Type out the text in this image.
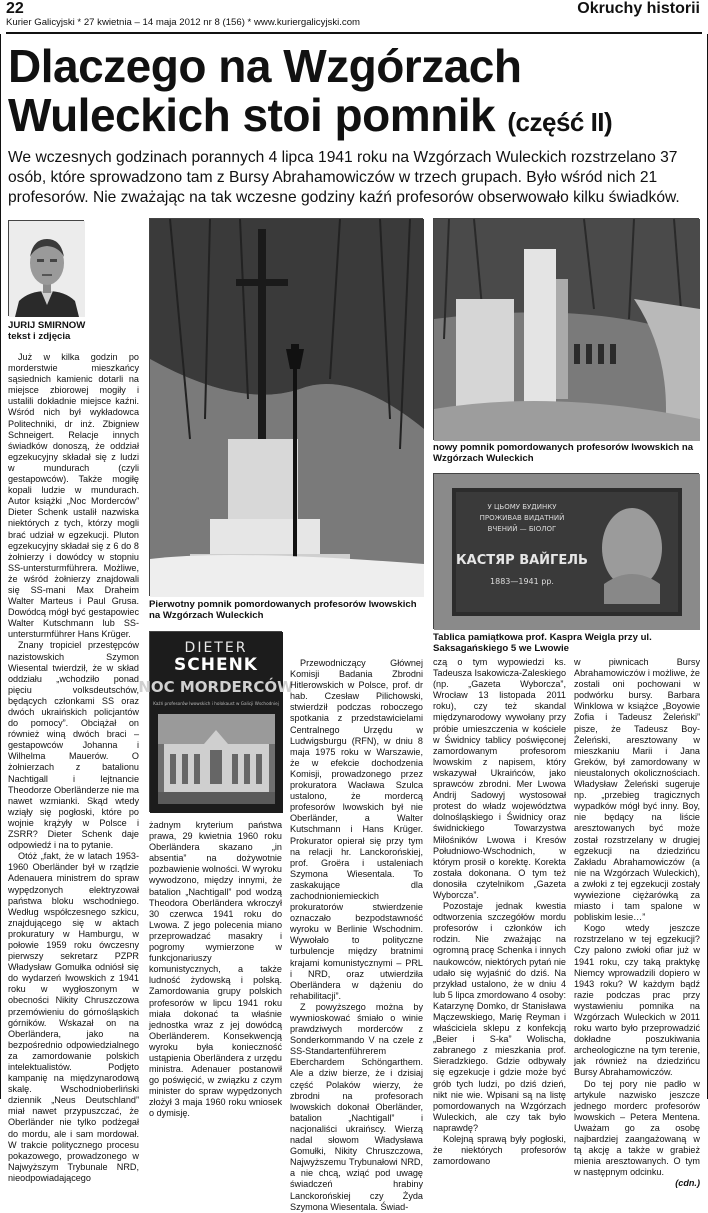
22	Okruchy historii
Kurier Galicyjski * 27 kwietnia – 14 maja 2012 nr 8 (156) * www.kuriergalicyjski.com
Dlaczego na Wzgórzach Wuleckich stoi pomnik (część II)
We wczesnych godzinach porannych 4 lipca 1941 roku na Wzgórzach Wuleckich rozstrzelano 37 osób, które sprowadzono tam z Bursy Abrahamowiczów w trzech grupach. Było wśród nich 21 profesorów. Nie zważając na tak wczesne godziny kaźń profesorów obserwowało kilku świadków.
JURIJ SMIRNOW
tekst i zdjęcia
Pierwotny pomnik pomordowanych profesorów lwowskich na Wzgórzach Wuleckich
nowy pomnik pomordowanych profesorów lwowskich na Wzgórzach Wuleckich
У ЦЬОМУ БУДИНКУ
ПРОЖИВАВ ВИДАТНИЙ
ВЧЕНИЙ — БІОЛОГ
КАСТЯР ВАЙГЕЛЬ
1883—1941 рр.
Tablica pamiątkowa prof. Kaspra Weigla przy ul. Saksagańskiego 5 we Lwowie
DIETER
SCHENK
NOC MORDERCÓW
Kaźń profesorów lwowskich i holokaust w Galicji Wschodniej

Już w kilka godzin po morderstwie mieszkańcy sąsiednich kamienic dotarli na miejsce zbiorowej mogiły i ustalili dokładnie miejsce kaźni. Wśród nich był wykładowca Politechniki, dr inż. Zbigniew Schneigert. Relacje innych świadków donoszą, że oddział egzekucyjny składał się z ludzi w mundurach (czyli gestapowców). Także mogiłę kopali ludzie w mundurach. Autor książki „Noc Morderców” Dieter Schenk ustalił nazwiska niektórych z tych, którzy mogli brać udział w egzekucji. Pluton egzekucyjny składał się z 6 do 8 żołnierzy i dowódcy w stopniu SS-untersturmführera. Możliwe, że wśród żołnierzy znajdowali się SS-mani Max Draheim Walter Marteus i Paul Grusa. Dowódcą mógł być gestapowiec Walter Kutschmann lub SS-untersturmführer Hans Krüger.

Znany tropiciel przestępców nazistowskich Szymon Wiesental twierdził, że w skład oddziału „wchodziło ponad pięciu volksdeutschów, będących członkami SS oraz dwóch ukraińskich policjantów do pomocy”. Obciążał on również winą dwóch braci – gestapowców Johanna i Wilhelma Mauerów. O żołnierzach z batalionu Nachtigall i Iejtnancie Theodorze Oberländerze nie ma nawet wzmianki. Skąd wtedy wziąły się pogłoski, które po wojnie krążyły w Polsce i ZSRR? Dieter Schenk daje odpowiedź i na to pytanie.

Otóż „fakt, że w latach 1953-1960 Oberländer był w rządzie Adenauera ministrem do spraw wypędzonych elektryzował państwa bloku wschodniego. Według współczesnego szkicu, znajdującego się w aktach prokuratury w Hamburgu, w połowie 1959 roku ówczesny pierwszy sekretarz PZPR Władysław Gomułka odniósł się do wydarzeń lwowskich z 1941 roku w wygłoszonym w obecności Nikity Chruszczowa przemówieniu do górnośląskich górników. Wskazał on na Oberländera, jako na bezpośrednio odpowiedzialnego za zamordowanie polskich intelektualistów. Podjęto kampanię na międzynarodową skalę. Wschodnioberliński dziennik „Neus Deutschland” miał nawet przypuszczać, że Oberländer nie tylko podżegał do mordu, ale i sam mordował. W trakcie politycznego procesu pokazowego, prowadzonego w Najwyższym Trybunale NRD, nieodpowiadającego

żadnym kryterium państwa prawa, 29 kwietnia 1960 roku Oberländera skazano „in absentia” na dożywotnie pozbawienie wolności. W wyroku wywodzono, między innymi, że batalion „Nachtigall” pod wodzą Theodora Oberländera wkroczył 30 czerwca 1941 roku do Lwowa. Z jego polecenia miano przeprowadzać masakry i pogromy wymierzone w funkcjonariuszy komunistycznych, a także ludność żydowską i polską. Zamordowania grupy polskich profesorów w lipcu 1941 roku miała dokonać ta właśnie jednostka wraz z jej dowódcą Oberländerem. Konsekwencją wyroku była konieczność ustąpienia Oberländera z urzędu ministra. Adenauer postanowił go poświęcić, w związku z czym minister do spraw wypędzonych złożył 3 maja 1960 roku wniosek o dymisję.

Przewodniczący Głównej Komisji Badania Zbrodni Hitlerowskich w Polsce, prof. dr hab. Czesław Pilichowski, stwierdził podczas roboczego spotkania z przedstawicielami Centralnego Urzędu w Ludwigsburgu (RFN), w dniu 8 maja 1975 roku w Warszawie, że w efekcie dochodzenia Komisji, prowadzonego przez prokuratora Wacława Szulca ustalono, że mordercą profesorów lwowskich był nie Oberländer, a Walter Kutschmann i Hans Krüger. Prokurator opierał się przy tym na relacji hr. Lanckorońskiej, prof. Groëra i ustaleniach Szymona Wiesentala. To zaskakujące dla zachodnioniemieckich prokuratorów stwierdzenie oznaczało bezpodstawność wyroku w Berlinie Wschodnim. Wywołało to polityczne turbulencje między bratnimi krajami komunistycznymi – PRL i NRD, oraz utwierdziła Oberländera w dążeniu do rehabilitacji”.

Z powyższego można by wywnioskować śmiało o winie prawdziwych morderców z Sonderkommando V na czele z SS-Standartenführerem Eberchardem Schöngarthem. Ale a dziw bierze, że i dzisiaj część Polaków wierzy, że zbrodni na profesorach lwowskich dokonał Oberländer, batalion „Nachtigall” i nacjonaliści ukraińscy. Wierzą nadal słowom Władysława Gomułki, Nikity Chruszczowa, Najwyższemu Trybunałowi NRD, a nie chcą, wziąć pod uwagę świadczeń hrabiny Lanckorońskiej czy Żyda Szymona Wiesentala. Świad-

czą o tym wypowiedzi ks. Tadeusza Isakowicza-Zaleskiego (np. „Gazeta Wyborcza”, Wrocław 13 listopada 2011 roku), czy też skandal międzynarodowy wywołany przy próbie umieszczenia w kościele w Świdnicy tablicy poświęconej zamordowanym profesorom lwowskim z napisem, który wskazywał Ukraińców, jako sprawców zbrodni. Mer Lwowa Andrij Sadowyj wystosował protest do władz województwa dolnośląskiego i Świdnicy oraz świdnickiego Towarzystwa Miłośników Lwowa i Kresów Południowo-Wschodnich, w którym prosił o korektę. Korekta została dokonana. O tym też donosiła czytelnikom „Gazeta Wyborcza”.

Pozostaje jednak kwestia odtworzenia szczegółów mordu profesorów i członków ich rodzin. Nie zważając na ogromną pracę Schenka i innych naukowców, niektórych pytań nie udało się wyjaśnić do dziś. Na przykład ustalono, że w dniu 4 lub 5 lipca zmordowano 4 osoby: Katarzynę Domko, dr Stanisława Mączewskiego, Marię Reyman i właściciela sklepu z konfekcją „Beier i S-ka” Wolischa, zabranego z mieszkania prof. Sieradzkiego. Gdzie odbywały się egzekucje i gdzie może być grób tych ludzi, po dziś dzień, nikt nie wie. Wpisani są na listę pomordowanych na Wzgórzach Wuleckich, ale czy tak było naprawdę?

Kolejną sprawą były pogłoski, że niektórych profesorów zamordowano

w piwnicach Bursy Abrahamowiczów i możliwe, że zostali oni pochowani w podwórku bursy. Barbara Winklowa w książce „Boyowie Zofia i Tadeusz Żeleński” pisze, że Tadeusz Boy-Żeleński, aresztowany w mieszkaniu Marii i Jana Greków, był zamordowany w nieustalonych okolicznościach. Władysław Żeleński sugeruje np. „przebieg tragicznych wypadków mógł być inny. Boy, nie będący na liście aresztowanych być może został rozstrzelany w drugiej egzekucji na dziedzińcu Zakładu Abrahamowiczów (a nie na Wzgórzach Wuleckich), a zwłoki z tej egzekucji zostały wywiezione ciężarówką za miasto i tam spalone w pobliskim lesie…”

Kogo wtedy jeszcze rozstrzelano w tej egzekucji? Czy palono zwłoki ofiar już w 1941 roku, czy taką praktykę Niemcy wprowadzili dopiero w 1943 roku? W każdym bądź razie podczas prac przy wystawieniu pomnika na Wzgórzach Wuleckich w 2011 roku warto było przeprowadzić dokładne poszukiwania archeologiczne na tym terenie, jak również na dziedzińcu Bursy Abrahamowiczów.

Do tej pory nie padło w artykule nazwisko jeszcze jednego morderc profesorów lwowskich – Petera Mentena. Uważam go za osobę najbardziej zaangażowaną w tą akcję a także w grabież mienia aresztowanych. O tym w następnym odcinku.

(cdn.)
